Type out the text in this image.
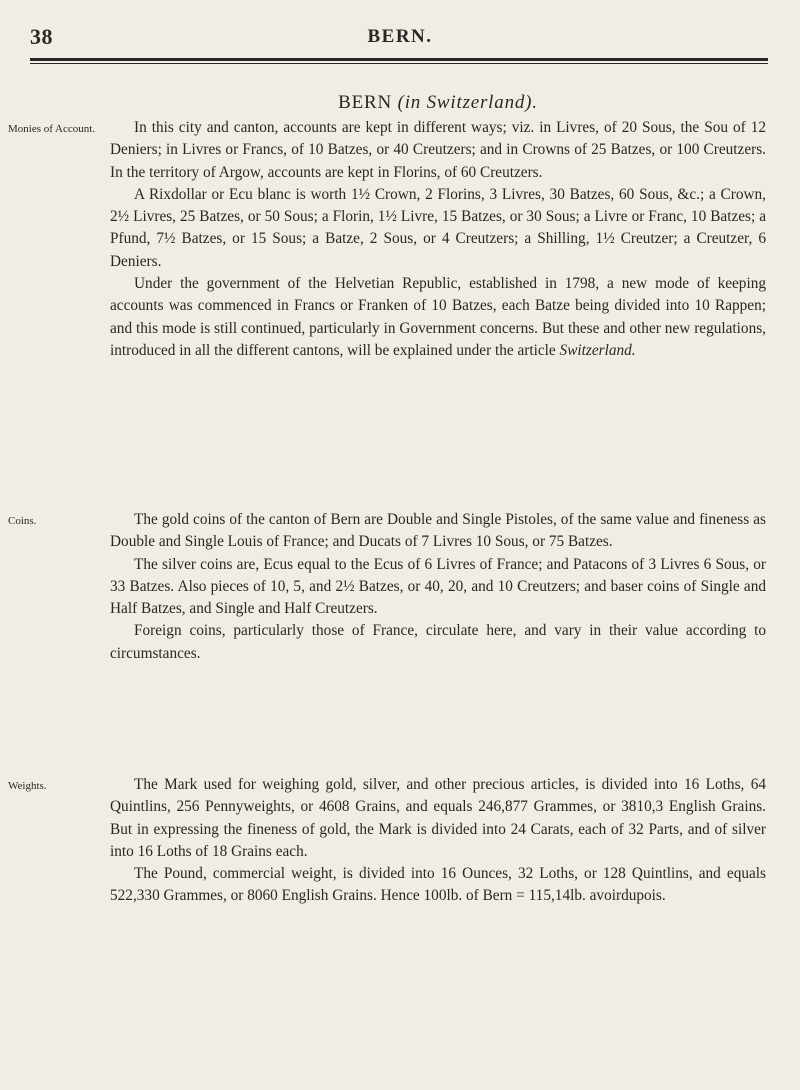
38	BERN.
BERN (in Switzerland).
Monies of Account.	In this city and canton, accounts are kept in different ways; viz. in Livres, of 20 Sous, the Sou of 12 Deniers; in Livres or Francs, of 10 Batzes, or 40 Creutzers; and in Crowns of 25 Batzes, or 100 Creutzers. In the territory of Argow, accounts are kept in Florins, of 60 Creutzers.

A Rixdollar or Ecu blanc is worth 1½ Crown, 2 Florins, 3 Livres, 30 Batzes, 60 Sous, &c.; a Crown, 2½ Livres, 25 Batzes, or 50 Sous; a Florin, 1½ Livre, 15 Batzes, or 30 Sous; a Livre or Franc, 10 Batzes; a Pfund, 7½ Batzes, or 15 Sous; a Batze, 2 Sous, or 4 Creutzers; a Shilling, 1½ Creutzer; a Creutzer, 6 Deniers.

Under the government of the Helvetian Republic, established in 1798, a new mode of keeping accounts was commenced in Francs or Franken of 10 Batzes, each Batze being divided into 10 Rappen; and this mode is still continued, particularly in Government concerns. But these and other new regulations, introduced in all the different cantons, will be explained under the article Switzerland.

Coins.	The gold coins of the canton of Bern are Double and Single Pistoles, of the same value and fineness as Double and Single Louis of France; and Ducats of 7 Livres 10 Sous, or 75 Batzes.

The silver coins are, Ecus equal to the Ecus of 6 Livres of France; and Patacons of 3 Livres 6 Sous, or 33 Batzes. Also pieces of 10, 5, and 2½ Batzes, or 40, 20, and 10 Creutzers; and baser coins of Single and Half Batzes, and Single and Half Creutzers.

Foreign coins, particularly those of France, circulate here, and vary in their value according to circumstances.

Weights.	The Mark used for weighing gold, silver, and other precious articles, is divided into 16 Loths, 64 Quintlins, 256 Pennyweights, or 4608 Grains, and equals 246,877 Grammes, or 3810,3 English Grains. But in expressing the fineness of gold, the Mark is divided into 24 Carats, each of 32 Parts, and of silver into 16 Loths of 18 Grains each.

The Pound, commercial weight, is divided into 16 Ounces, 32 Loths, or 128 Quintlins, and equals 522,330 Grammes, or 8060 English Grains. Hence 100lb. of Bern = 115,14lb. avoirdupois.
